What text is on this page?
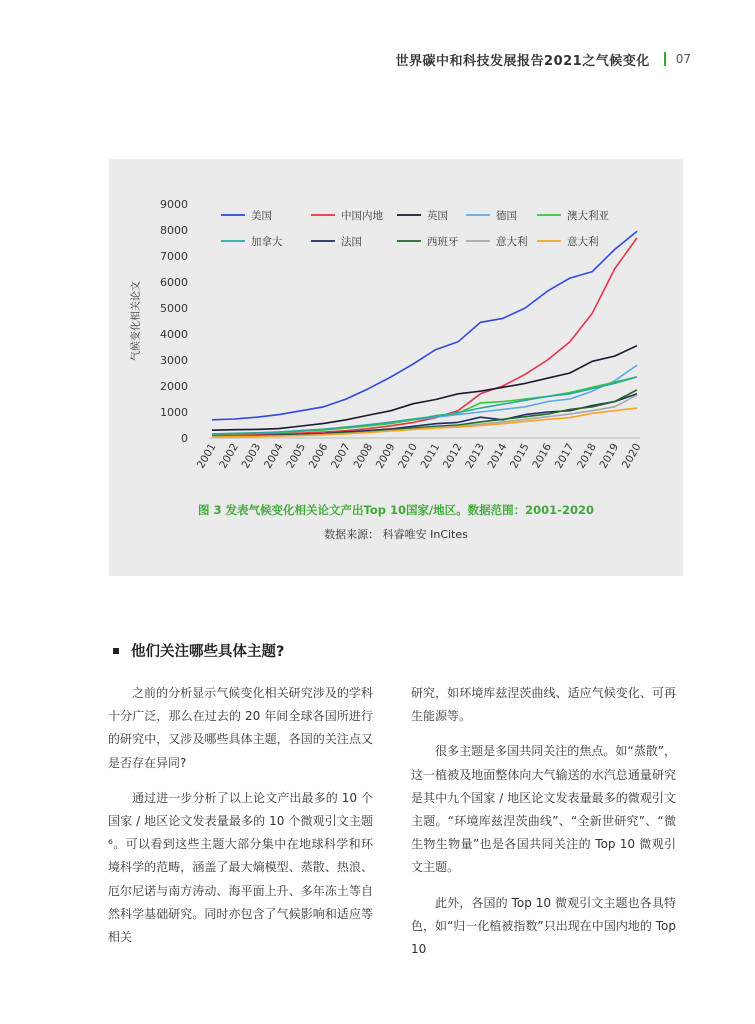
世界碳中和科技发展报告2021之气候变化 07
气候变化相关论文
0
1000
2000
3000
4000
5000
6000
7000
8000
9000
2001
2002
2003
2004
2005
2006
2007
2008
2009
2010
2011
2012
2013
2014
2015
2016
2017
2018
2019
2020
美国	中国内地	英国	德国	澳大利亚
加拿大	法国	西班牙	意大利	意大利
图 3 发表气候变化相关论文产出Top 10国家/地区。数据范围：2001-2020
数据来源： 科睿唯安 InCites
他们关注哪些具体主题?

之前的分析显示气候变化相关研究涉及的学科十分广泛，那么在过去的 20 年间全球各国所进行的研究中，又涉及哪些具体主题，各国的关注点又是否存在异同?

通过进一步分析了以上论文产出最多的 10 个国家 / 地区论文发表量最多的 10 个微观引文主题 ⁶。可以看到这些主题大部分集中在地球科学和环境科学的范畴，涵盖了最大熵模型、蒸散、热浪、厄尔尼诺与南方涛动、海平面上升、多年冻土等自然科学基础研究。同时亦包含了气候影响和适应等相关

研究，如环境库兹涅茨曲线、适应气候变化、可再生能源等。

很多主题是多国共同关注的焦点。如“蒸散”，这一植被及地面整体向大气输送的水汽总通量研究是其中九个国家 / 地区论文发表量最多的微观引文主题。“环境库兹涅茨曲线”、“全新世研究”、“微生物生物量”也是各国共同关注的 Top 10 微观引文主题。

此外，各国的 Top 10 微观引文主题也各具特色，如“归一化植被指数”只出现在中国内地的 Top 10
